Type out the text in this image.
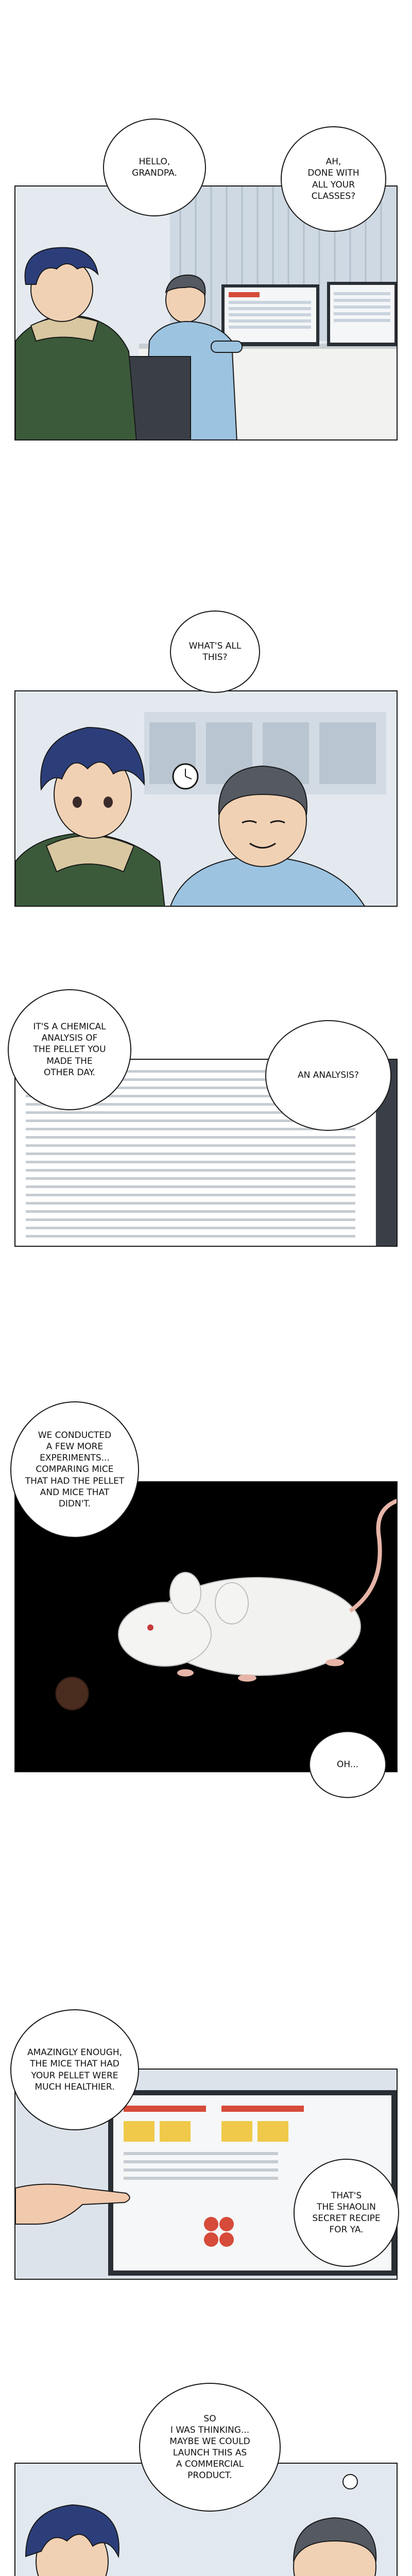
HELLO,
GRANDPA.
AH,
DONE WITH
ALL YOUR
CLASSES?
WHAT'S ALL
THIS?
IT'S A CHEMICAL
ANALYSIS OF
THE PELLET YOU
MADE THE
OTHER DAY.	AN ANALYSIS?
WE CONDUCTED
A FEW MORE
EXPERIMENTS...
COMPARING MICE
THAT HAD THE PELLET
AND MICE THAT
DIDN'T.
OH...
AMAZINGLY ENOUGH,
THE MICE THAT HAD
YOUR PELLET WERE
MUCH HEALTHIER.
THAT'S
THE SHAOLIN
SECRET RECIPE
FOR YA.
SO
I WAS THINKING...
MAYBE WE COULD
LAUNCH THIS AS
A COMMERCIAL
PRODUCT.
